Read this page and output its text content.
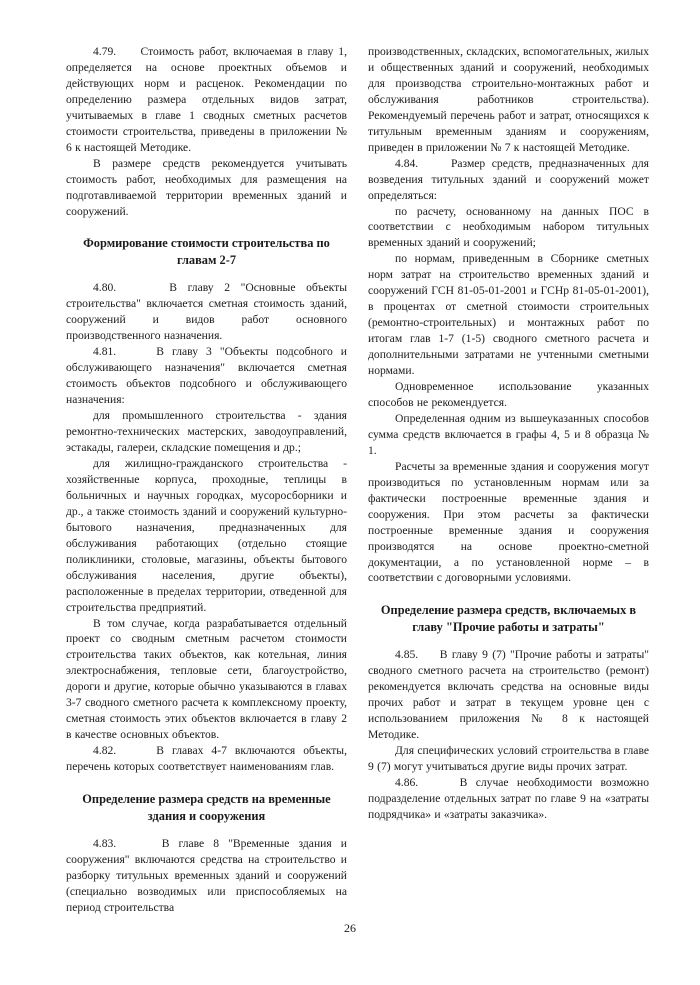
4.79.     Стоимость работ, включаемая в главу 1, определяется на основе проектных объемов и действующих норм и расценок. Рекомендации по определению размера отдельных видов затрат, учитываемых в главе 1 сводных сметных расчетов стоимости строительства, приведены в приложении № 6 к настоящей Методике.

В размере средств рекомендуется учитывать стоимость работ, необходимых для размещения на подготавливаемой территории временных зданий и сооружений.

Формирование стоимости строительства по главам 2-7

4.80.     В главу 2 "Основные объекты строительства" включается сметная стоимость зданий, сооружений и видов работ основного производственного назначения.

4.81.     В главу 3 "Объекты подсобного и обслуживающего назначения" включается сметная стоимость объектов подсобного и обслуживающего назначения:

для промышленного строительства - здания ремонтно-технических мастерских, заводоуправлений, эстакады, галереи, складские помещения и др.;

для жилищно-гражданского строительства - хозяйственные корпуса, проходные, теплицы в больничных и научных городках, мусоросборники и др., а также стоимость зданий и сооружений культурно-бытового назначения, предназначенных для обслуживания работающих (отдельно стоящие поликлиники, столовые, магазины, объекты бытового обслуживания населения, другие объекты), расположенные в пределах территории, отведенной для строительства предприятий.

В том случае, когда разрабатывается отдельный проект со сводным сметным расчетом стоимости строительства таких объектов, как котельная, линия электроснабжения, тепловые сети, благоустройство, дороги и другие, которые обычно указываются в главах 3-7 сводного сметного расчета к комплексному проекту, сметная стоимость этих объектов включается в главу 2 в качестве основных объектов.

4.82.     В главах 4-7 включаются объекты, перечень которых соответствует наименованиям глав.

Определение размера средств на временные здания и сооружения

4.83.     В главе 8 "Временные здания и сооружения" включаются средства на строительство и разборку титульных временных зданий и сооружений (специально возводимых или приспособляемых на период строительства

производственных, складских, вспомогательных, жилых и общественных зданий и сооружений, необходимых для производства строительно-монтажных работ и обслуживания работников строительства). Рекомендуемый перечень работ и затрат, относящихся к титульным временным зданиям и сооружениям, приведен в приложении № 7 к настоящей Методике.

4.84.     Размер средств, предназначенных для возведения титульных зданий и сооружений может определяться:

по расчету, основанному на данных ПОС в соответствии с необходимым набором титульных временных зданий и сооружений;

по нормам, приведенным в Сборнике сметных норм затрат на строительство временных зданий и сооружений ГСН 81-05-01-2001 и ГСНр 81-05-01-2001), в процентах от сметной стоимости строительных (ремонтно-строительных) и монтажных работ по итогам глав 1-7 (1-5) сводного сметного расчета и дополнительными затратами не учтенными сметными нормами.

Одновременное использование указанных способов не рекомендуется.

Определенная одним из вышеуказанных способов сумма средств включается в графы 4, 5 и 8 образца № 1.

Расчеты за временные здания и сооружения могут производиться по установленным нормам или за фактически построенные временные здания и сооружения. При этом расчеты за фактически построенные временные здания и сооружения производятся на основе проектно-сметной документации, а по установленной норме – в соответствии с договорными условиями.

Определение размера средств, включаемых в главу "Прочие работы и затраты"

4.85.     В главу 9 (7) "Прочие работы и затраты" сводного сметного расчета на строительство (ремонт) рекомендуется включать средства на основные виды прочих работ и затрат в текущем уровне цен с использованием приложения № 8 к настоящей Методике.

Для специфических условий строительства в главе 9 (7) могут учитываться другие виды прочих затрат.

4.86.     В случае необходимости возможно подразделение отдельных затрат по главе 9 на «затраты подрядчика» и «затраты заказчика».

26
